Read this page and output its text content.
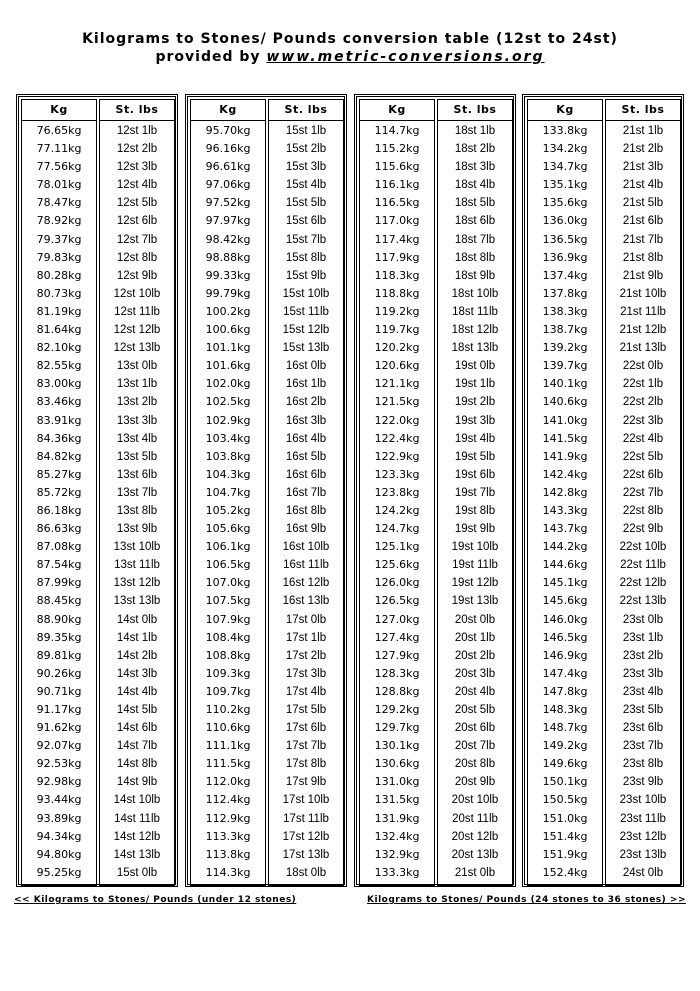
Kilograms to Stones/ Pounds conversion table (12st to 24st)
provided by www.metric-conversions.org
Kg
76.65kg
77.11kg
77.56kg
78.01kg
78.47kg
78.92kg
79.37kg
79.83kg
80.28kg
80.73kg
81.19kg
81.64kg
82.10kg
82.55kg
83.00kg
83.46kg
83.91kg
84.36kg
84.82kg
85.27kg
85.72kg
86.18kg
86.63kg
87.08kg
87.54kg
87.99kg
88.45kg
88.90kg
89.35kg
89.81kg
90.26kg
90.71kg
91.17kg
91.62kg
92.07kg
92.53kg
92.98kg
93.44kg
93.89kg
94.34kg
94.80kg
95.25kg
St. lbs
12st 1lb
12st 2lb
12st 3lb
12st 4lb
12st 5lb
12st 6lb
12st 7lb
12st 8lb
12st 9lb
12st 10lb
12st 11lb
12st 12lb
12st 13lb
13st 0lb
13st 1lb
13st 2lb
13st 3lb
13st 4lb
13st 5lb
13st 6lb
13st 7lb
13st 8lb
13st 9lb
13st 10lb
13st 11lb
13st 12lb
13st 13lb
14st 0lb
14st 1lb
14st 2lb
14st 3lb
14st 4lb
14st 5lb
14st 6lb
14st 7lb
14st 8lb
14st 9lb
14st 10lb
14st 11lb
14st 12lb
14st 13lb
15st 0lb
Kg
95.70kg
96.16kg
96.61kg
97.06kg
97.52kg
97.97kg
98.42kg
98.88kg
99.33kg
99.79kg
100.2kg
100.6kg
101.1kg
101.6kg
102.0kg
102.5kg
102.9kg
103.4kg
103.8kg
104.3kg
104.7kg
105.2kg
105.6kg
106.1kg
106.5kg
107.0kg
107.5kg
107.9kg
108.4kg
108.8kg
109.3kg
109.7kg
110.2kg
110.6kg
111.1kg
111.5kg
112.0kg
112.4kg
112.9kg
113.3kg
113.8kg
114.3kg
St. lbs
15st 1lb
15st 2lb
15st 3lb
15st 4lb
15st 5lb
15st 6lb
15st 7lb
15st 8lb
15st 9lb
15st 10lb
15st 11lb
15st 12lb
15st 13lb
16st 0lb
16st 1lb
16st 2lb
16st 3lb
16st 4lb
16st 5lb
16st 6lb
16st 7lb
16st 8lb
16st 9lb
16st 10lb
16st 11lb
16st 12lb
16st 13lb
17st 0lb
17st 1lb
17st 2lb
17st 3lb
17st 4lb
17st 5lb
17st 6lb
17st 7lb
17st 8lb
17st 9lb
17st 10lb
17st 11lb
17st 12lb
17st 13lb
18st 0lb
Kg
114.7kg
115.2kg
115.6kg
116.1kg
116.5kg
117.0kg
117.4kg
117.9kg
118.3kg
118.8kg
119.2kg
119.7kg
120.2kg
120.6kg
121.1kg
121.5kg
122.0kg
122.4kg
122.9kg
123.3kg
123.8kg
124.2kg
124.7kg
125.1kg
125.6kg
126.0kg
126.5kg
127.0kg
127.4kg
127.9kg
128.3kg
128.8kg
129.2kg
129.7kg
130.1kg
130.6kg
131.0kg
131.5kg
131.9kg
132.4kg
132.9kg
133.3kg
St. lbs
18st 1lb
18st 2lb
18st 3lb
18st 4lb
18st 5lb
18st 6lb
18st 7lb
18st 8lb
18st 9lb
18st 10lb
18st 11lb
18st 12lb
18st 13lb
19st 0lb
19st 1lb
19st 2lb
19st 3lb
19st 4lb
19st 5lb
19st 6lb
19st 7lb
19st 8lb
19st 9lb
19st 10lb
19st 11lb
19st 12lb
19st 13lb
20st 0lb
20st 1lb
20st 2lb
20st 3lb
20st 4lb
20st 5lb
20st 6lb
20st 7lb
20st 8lb
20st 9lb
20st 10lb
20st 11lb
20st 12lb
20st 13lb
21st 0lb
Kg
133.8kg
134.2kg
134.7kg
135.1kg
135.6kg
136.0kg
136.5kg
136.9kg
137.4kg
137.8kg
138.3kg
138.7kg
139.2kg
139.7kg
140.1kg
140.6kg
141.0kg
141.5kg
141.9kg
142.4kg
142.8kg
143.3kg
143.7kg
144.2kg
144.6kg
145.1kg
145.6kg
146.0kg
146.5kg
146.9kg
147.4kg
147.8kg
148.3kg
148.7kg
149.2kg
149.6kg
150.1kg
150.5kg
151.0kg
151.4kg
151.9kg
152.4kg
St. lbs
21st 1lb
21st 2lb
21st 3lb
21st 4lb
21st 5lb
21st 6lb
21st 7lb
21st 8lb
21st 9lb
21st 10lb
21st 11lb
21st 12lb
21st 13lb
22st 0lb
22st 1lb
22st 2lb
22st 3lb
22st 4lb
22st 5lb
22st 6lb
22st 7lb
22st 8lb
22st 9lb
22st 10lb
22st 11lb
22st 12lb
22st 13lb
23st 0lb
23st 1lb
23st 2lb
23st 3lb
23st 4lb
23st 5lb
23st 6lb
23st 7lb
23st 8lb
23st 9lb
23st 10lb
23st 11lb
23st 12lb
23st 13lb
24st 0lb
<< Kilograms to Stones/ Pounds (under 12 stones)	Kilograms to Stones/ Pounds (24 stones to 36 stones) >>
